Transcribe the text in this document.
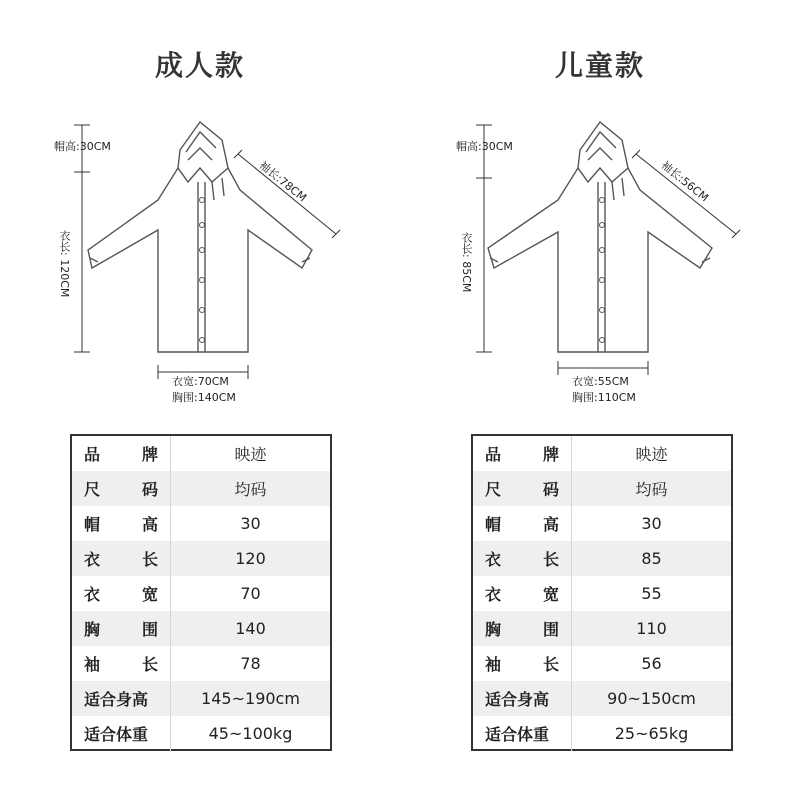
成人款	儿童款
帽高:30CM
衣长: 120CM
袖长:78CM
衣宽:70CM
胸围:140CM
帽高:30CM
衣长: 85CM
袖长:56CM
衣宽:55CM
胸围:110CM
品 牌	映迹

尺 码	均码

帽 高	30

衣 长	120

衣 宽	70

胸 围	140

袖 长	78

适合身高	145~190cm

适合体重	45~100kg
品 牌	映迹

尺 码	均码

帽 高	30

衣 长	85

衣 宽	55

胸 围	110

袖 长	56

适合身高	90~150cm

适合体重	25~65kg
